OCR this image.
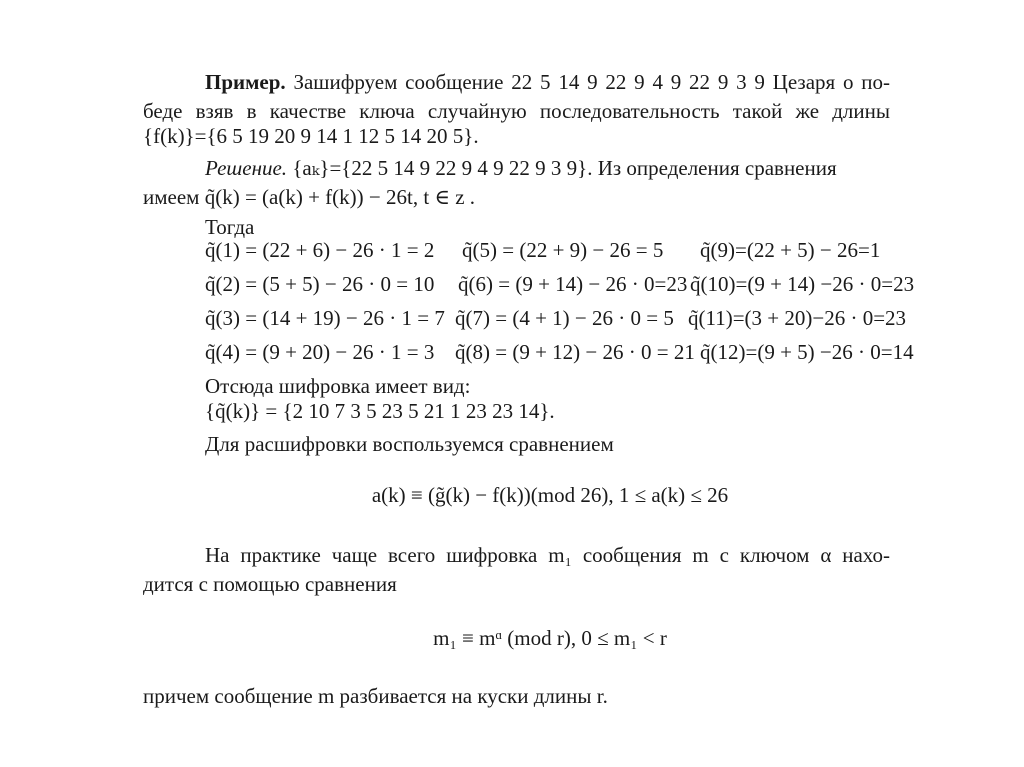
Пример. Зашифруем сообщение 22 5 14 9 22 9 4 9 22 9 3 9 Цезаря о по-
беде взяв в качестве ключа случайную последовательность такой же длины
{f(k)}={6 5 19 20 9 14 1 12 5 14 20 5}.
Решение. {aₖ}={22 5 14 9 22 9 4 9 22 9 3 9}. Из определения сравнения
имеем q̃(k) = (a(k) + f(k)) − 26t, t ∈ z .
Тогда
q̃(1) = (22 + 6) − 26 · 1 = 2 q̃(5) = (22 + 9) − 26 = 5 q̃(9)=(22 + 5) − 26=1
q̃(2) = (5 + 5) − 26 · 0 = 10 q̃(6) = (9 + 14) − 26 · 0=23 q̃(10)=(9 + 14) −26 · 0=23
q̃(3) = (14 + 19) − 26 · 1 = 7 q̃(7) = (4 + 1) − 26 · 0 = 5 q̃(11)=(3 + 20)−26 · 0=23
q̃(4) = (9 + 20) − 26 · 1 = 3 q̃(8) = (9 + 12) − 26 · 0 = 21 q̃(12)=(9 + 5) −26 · 0=14
Отсюда шифровка имеет вид:
{q̃(k)} = {2 10 7 3 5 23 5 21 1 23 23 14}.
Для расшифровки воспользуемся сравнением
a(k) ≡ (g̃(k) − f(k))(mod 26), 1 ≤ a(k) ≤ 26
На практике чаще всего шифровка m₁ сообщения m с ключом α нахо-
дится с помощью сравнения
m₁ ≡ mᵅ (mod r), 0 ≤ m₁ < r
причем сообщение m разбивается на куски длины r.
